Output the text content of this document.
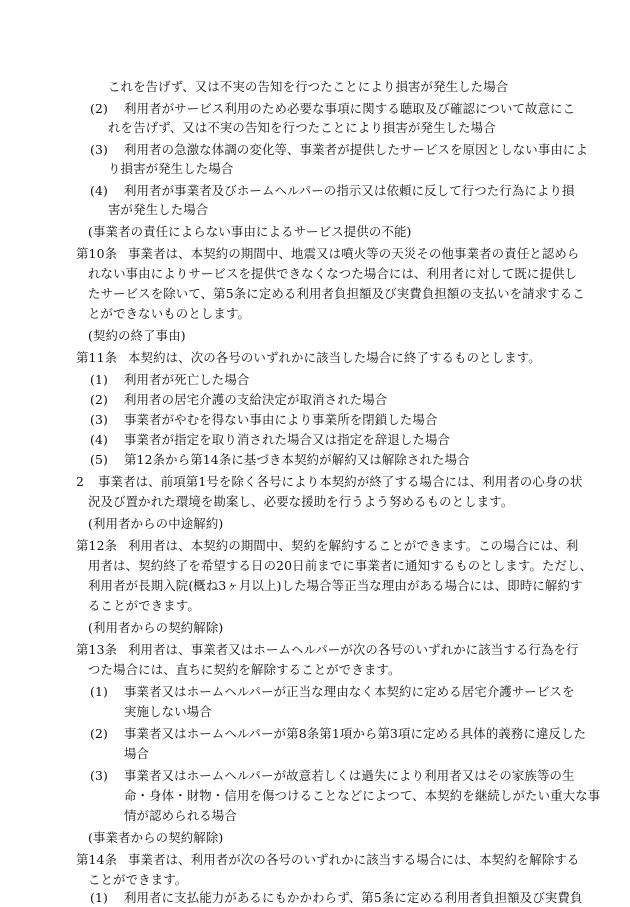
これを告げず、又は不実の告知を行つたことにより損害が発生した場合
(2) 利用者がサービス利用のため必要な事項に関する聴取及び確認について故意にこ
れを告げず、又は不実の告知を行つたことにより損害が発生した場合
(3) 利用者の急激な体調の変化等、事業者が提供したサービスを原因としない事由によ
り損害が発生した場合
(4) 利用者が事業者及びホームヘルパーの指示又は依頼に反して行つた行為により損
害が発生した場合
(事業者の責任によらない事由によるサービス提供の不能)
第10条 事業者は、本契約の期間中、地震又は噴火等の天災その他事業者の責任と認めら
れない事由によりサービスを提供できなくなつた場合には、利用者に対して既に提供し
たサービスを除いて、第5条に定める利用者負担額及び実費負担額の支払いを請求するこ
とができないものとします。
(契約の終了事由)
第11条 本契約は、次の各号のいずれかに該当した場合に終了するものとします。
(1) 利用者が死亡した場合
(2) 利用者の居宅介護の支給決定が取消された場合
(3) 事業者がやむを得ない事由により事業所を閉鎖した場合
(4) 事業者が指定を取り消された場合又は指定を辞退した場合
(5) 第12条から第14条に基づき本契約が解約又は解除された場合
2 事業者は、前項第1号を除く各号により本契約が終了する場合には、利用者の心身の状
況及び置かれた環境を勘案し、必要な援助を行うよう努めるものとします。
(利用者からの中途解約)
第12条 利用者は、本契約の期間中、契約を解約することができます。この場合には、利
用者は、契約終了を希望する日の20日前までに事業者に通知するものとします。ただし、
利用者が長期入院(概ね3ヶ月以上)した場合等正当な理由がある場合には、即時に解約す
ることができます。
(利用者からの契約解除)
第13条 利用者は、事業者又はホームヘルパーが次の各号のいずれかに該当する行為を行
つた場合には、直ちに契約を解除することができます。
(1) 事業者又はホームヘルパーが正当な理由なく本契約に定める居宅介護サービスを
実施しない場合
(2) 事業者又はホームヘルパーが第8条第1項から第3項に定める具体的義務に違反した
場合
(3) 事業者又はホームヘルパーが故意若しくは過失により利用者又はその家族等の生
命・身体・財物・信用を傷つけることなどによつて、本契約を継続しがたい重大な事
情が認められる場合
(事業者からの契約解除)
第14条 事業者は、利用者が次の各号のいずれかに該当する場合には、本契約を解除する
ことができます。
(1) 利用者に支払能力があるにもかかわらず、第5条に定める利用者負担額及び実費負
